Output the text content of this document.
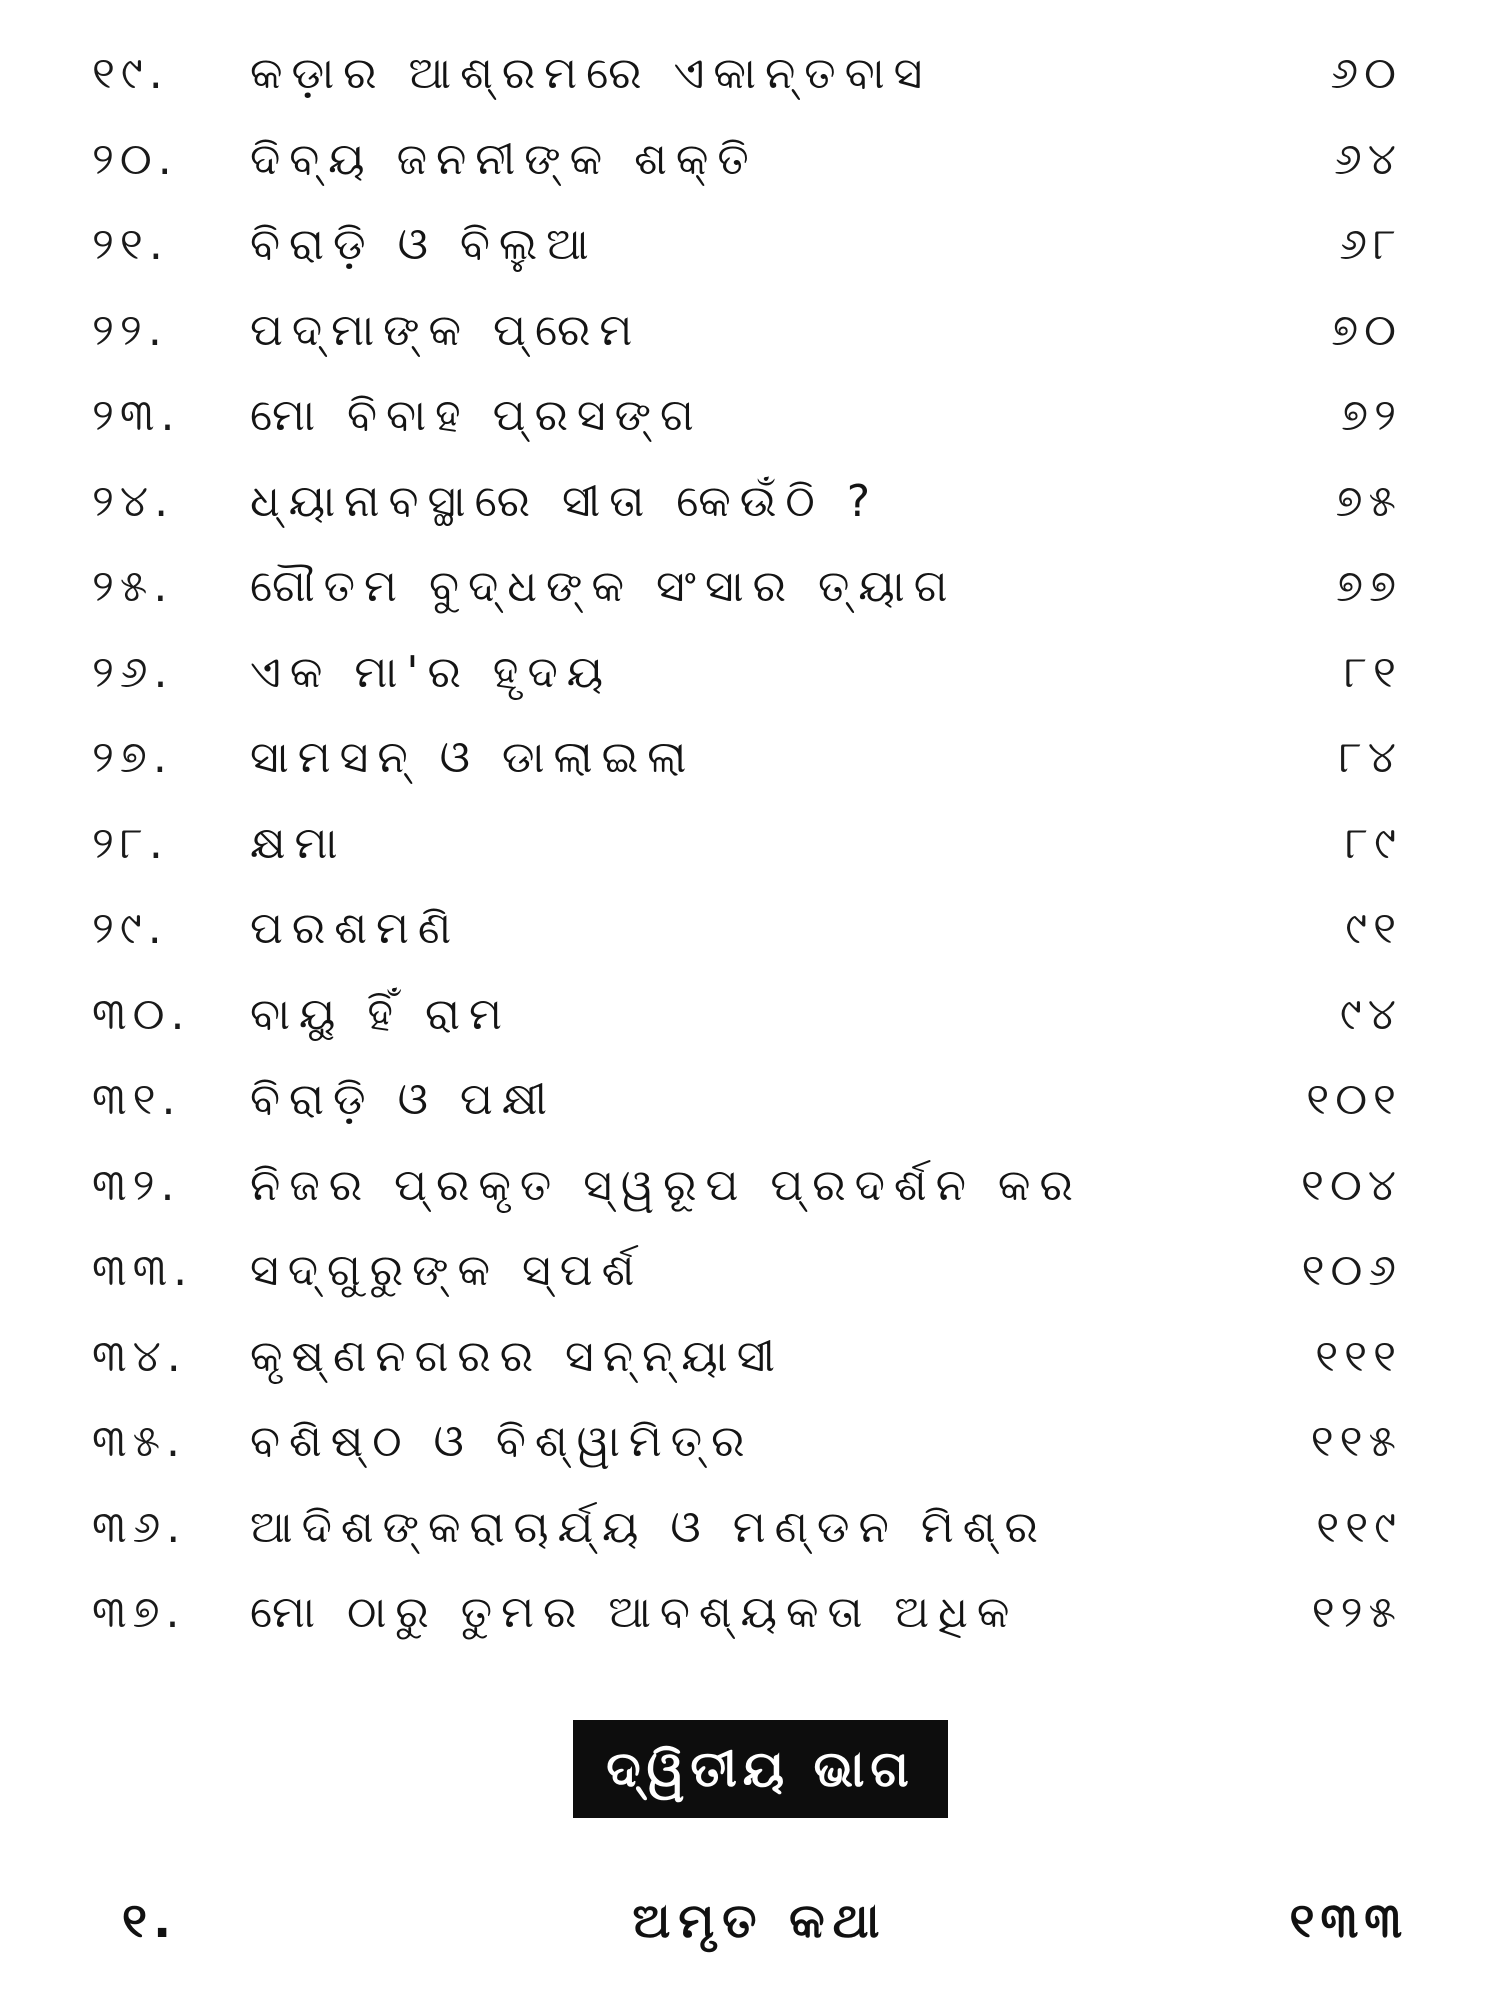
୧୯.	କଡ଼ାର ଆଶ୍ରମରେ ଏକାନ୍ତବାସ	୬୦
୨୦.	ଦିବ୍ୟ ଜନନୀଙ୍କ ଶକ୍ତି	୬୪
୨୧.	ବିରାଡ଼ି ଓ ବିଲୁଆ	୬୮
୨୨.	ପଦ୍ମାଙ୍କ ପ୍ରେମ	୭୦
୨୩.	ମୋ ବିବାହ ପ୍ରସଙ୍ଗ	୭୨
୨୪.	ଧ୍ୟାନାବସ୍ଥାରେ ସୀତା କେଉଁଠି ?	୭୫
୨୫.	ଗୌତମ ବୁଦ୍ଧଙ୍କ ସଂସାର ତ୍ୟାଗ	୭୭
୨୬.	ଏକ ମା'ର ହୃଦୟ	୮୧
୨୭.	ସାମସନ୍ ଓ ଡାଲାଇଲା	୮୪
୨୮.	କ୍ଷମା	୮୯
୨୯.	ପରଶମଣି	୯୧
୩୦.	ବାୟୁ ହିଁ ରାମ	୯୪
୩୧.	ବିରାଡ଼ି ଓ ପକ୍ଷୀ	୧୦୧
୩୨.	ନିଜର ପ୍ରକୃତ ସ୍ୱରୂପ ପ୍ରଦର୍ଶନ କର	୧୦୪
୩୩.	ସଦ୍‌ଗୁରୁଙ୍କ ସ୍ପର୍ଶ	୧୦୬
୩୪.	କୃଷ୍ଣନଗରର ସନ୍ନ୍ୟାସୀ	୧୧୧
୩୫.	ବଶିଷ୍ଠ ଓ ବିଶ୍ୱାମିତ୍ର	୧୧୫
୩୬.	ଆଦିଶଙ୍କରାଚାର୍ଯ୍ୟ ଓ ମଣ୍ଡନ ମିଶ୍ର	୧୧୯
୩୭.	ମୋ ଠାରୁ ତୁମର ଆବଶ୍ୟକତା ଅଧିକ	୧୨୫
ଦ୍ୱିତୀୟ ଭାଗ
୧.	ଅମୃତ କଥା	୧୩୩
